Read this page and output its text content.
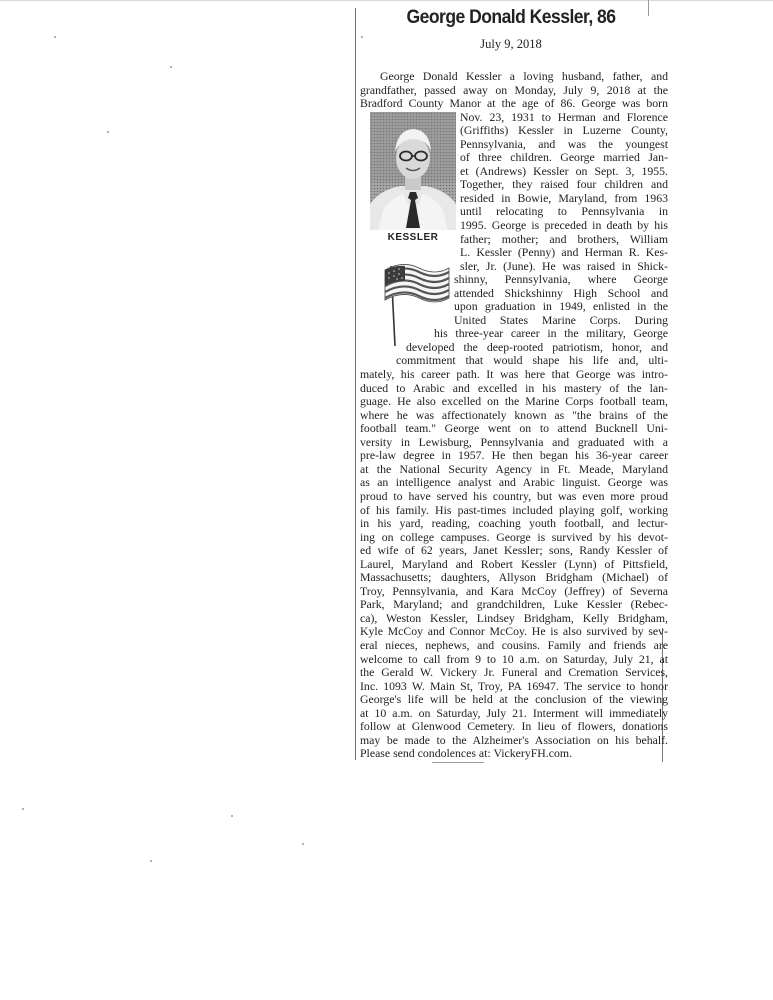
George Donald Kessler, 86
July 9, 2018
KESSLER
George Donald Kessler a loving husband, father, and
grandfather, passed away on Monday, July 9, 2018 at the
Bradford County Manor at the age of 86. George was born
Nov. 23, 1931 to Herman and Florence
(Griffiths) Kessler in Luzerne County,
Pennsylvania, and was the youngest
of three children. George married Jan-
et (Andrews) Kessler on Sept. 3, 1955.
Together, they raised four children and
resided in Bowie, Maryland, from 1963
until relocating to Pennsylvania in
1995. George is preceded in death by his
father; mother; and brothers, William
L. Kessler (Penny) and Herman R. Kes-
sler, Jr. (June). He was raised in Shick-
shinny, Pennsylvania, where George
attended Shickshinny High School and
upon graduation in 1949, enlisted in the
United States Marine Corps. During
his three-year career in the military, George
developed the deep-rooted patriotism, honor, and
commitment that would shape his life and, ulti-
mately, his career path. It was here that George was intro-
duced to Arabic and excelled in his mastery of the lan-
guage. He also excelled on the Marine Corps football team,
where he was affectionately known as "the brains of the
football team." George went on to attend Bucknell Uni-
versity in Lewisburg, Pennsylvania and graduated with a
pre-law degree in 1957. He then began his 36-year career
at the National Security Agency in Ft. Meade, Maryland
as an intelligence analyst and Arabic linguist. George was
proud to have served his country, but was even more proud
of his family. His past-times included playing golf, working
in his yard, reading, coaching youth football, and lectur-
ing on college campuses. George is survived by his devot-
ed wife of 62 years, Janet Kessler; sons, Randy Kessler of
Laurel, Maryland and Robert Kessler (Lynn) of Pittsfield,
Massachusetts; daughters, Allyson Bridgham (Michael) of
Troy, Pennsylvania, and Kara McCoy (Jeffrey) of Severna
Park, Maryland; and grandchildren, Luke Kessler (Rebec-
ca), Weston Kessler, Lindsey Bridgham, Kelly Bridgham,
Kyle McCoy and Connor McCoy. He is also survived by sev-
eral nieces, nephews, and cousins. Family and friends are
welcome to call from 9 to 10 a.m. on Saturday, July 21, at
the Gerald W. Vickery Jr. Funeral and Cremation Services,
Inc. 1093 W. Main St, Troy, PA 16947. The service to honor
George's life will be held at the conclusion of the viewing
at 10 a.m. on Saturday, July 21. Interment will immediately
follow at Glenwood Cemetery. In lieu of flowers, donations
may be made to the Alzheimer's Association on his behalf.
Please send condolences at: VickeryFH.com.
